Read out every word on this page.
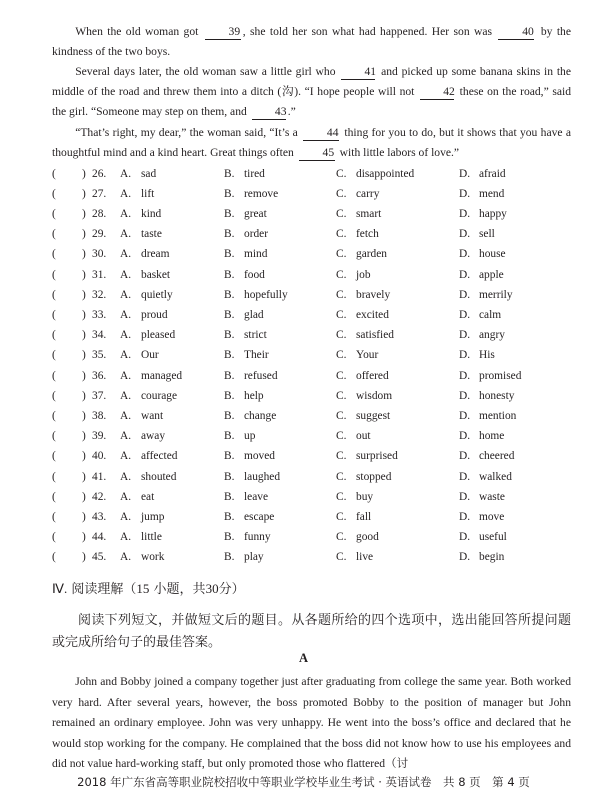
When the old woman got	39 , she told her son what had happened. Her son was	40 by the kindness of the two boys.
Several days later, the old woman saw a little girl who 41 and picked up some banana skins in the middle of the road and threw them into a ditch (沟). “I hope people will not 42 these on the road,” said the girl. “Someone may step on them, and 43.”
“That’s right, my dear,” the woman said, “It’s a	44 thing for you to do, but it shows that you have a thoughtful mind and a kind heart. Great things often 45 with little labors of love.”
( ) 26. A. sad	B. tired	C. disappointed	D. afraid
( ) 27. A. lift	B. remove	C. carry	D. mend
( ) 28. A. kind	B. great	C. smart	D. happy
( ) 29. A. taste	B. order	C. fetch	D. sell
( ) 30. A. dream	B. mind	C. garden	D. house
( ) 31. A. basket	B. food	C. job	D. apple
( ) 32. A. quietly	B. hopefully	C. bravely	D. merrily
( ) 33. A. proud	B. glad	C. excited	D. calm
( ) 34. A. pleased	B. strict	C. satisfied	D. angry
( ) 35. A. Our	B. Their	C. Your	D. His
( ) 36. A. managed	B. refused	C. offered	D. promised
( ) 37. A. courage	B. help	C. wisdom	D. honesty
( ) 38. A. want	B. change	C. suggest	D. mention
( ) 39. A. away	B. up	C. out	D. home
( ) 40. A. affected	B. moved	C. surprised	D. cheered
( ) 41. A. shouted	B. laughed	C. stopped	D. walked
( ) 42. A. eat	B. leave	C. buy	D. waste
( ) 43. A. jump	B. escape	C. fall	D. move
( ) 44. A. little	B. funny	C. good	D. useful
( ) 45. A. work	B. play	C. live	D. begin
Ⅳ. 阅读理解（15 小题，共30分）
阅读下列短文，并做短文后的题目。从各题所给的四个选项中，选出能回答所提问题或完成所给句子的最佳答案。
A
John and Bobby joined a company together just after graduating from college the same year. Both worked very hard. After several years, however, the boss promoted Bobby to the position of manager but John remained an ordinary employee. John was very unhappy. He went into the boss’s office and declared that he would stop working for the company. He complained that the boss did not know how to use his employees and did not value hard-working staff, but only promoted those who flattered（讨
2018 年广东省高等职业院校招收中等职业学校毕业生考试 · 英语试卷　共 8 页　第 4 页
